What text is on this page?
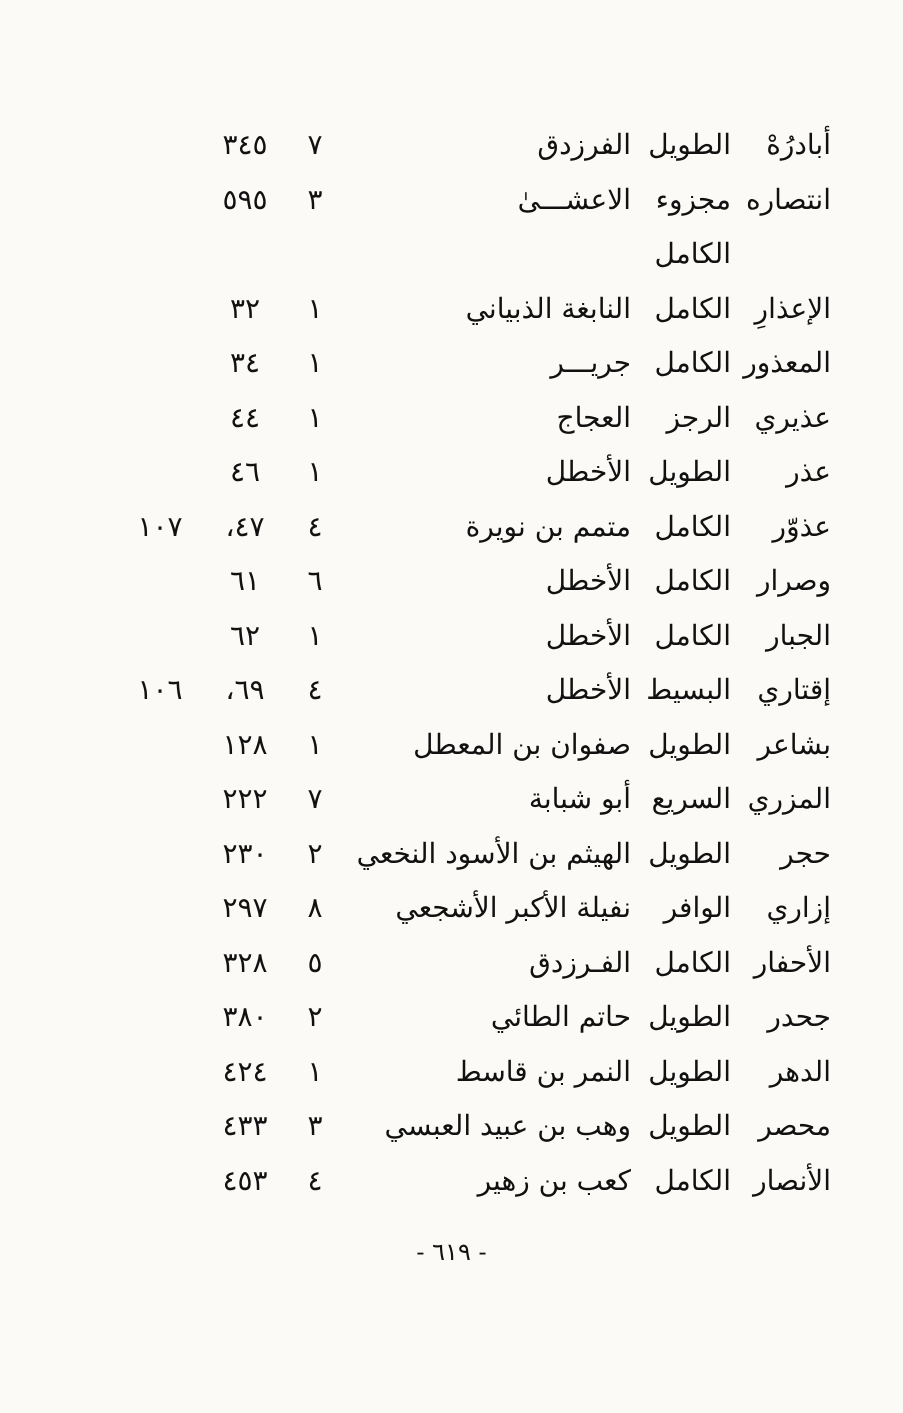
أبادرُهْ
الطويل
الفرزدق
٧
٣٤٥
انتصاره
مجزوء
الاعشـــىٰ
٣
٥٩٥
الكامل
الإعذارِ
الكامل
النابغة الذبياني
١
٣٢
المعذور
الكامل
جريـــر
١
٣٤
عذيري
الرجز
العجاج
١
٤٤
عذر
الطويل
الأخطل
١
٤٦
عذوّر
الكامل
متمم بن نويرة
٤
٤٧،
١٠٧
وصرار
الكامل
الأخطل
٦
٦١
الجبار
الكامل
الأخطل
١
٦٢
إقتاري
البسيط
الأخطل
٤
٦٩،
١٠٦
بشاعر
الطويل
صفوان بن المعطل
١
١٢٨
المزري
السريع
أبو شبابة
٧
٢٢٢
حجر
الطويل
الهيثم بن الأسود النخعي
٢
٢٣٠
إزاري
الوافر
نفيلة الأكبر الأشجعي
٨
٢٩٧
الأحفار
الكامل
الفـرزدق
٥
٣٢٨
جحدر
الطويل
حاتم الطائي
٢
٣٨٠
الدهر
الطويل
النمر بن قاسط
١
٤٢٤
محصر
الطويل
وهب بن عبيد العبسي
٣
٤٣٣
الأنصار
الكامل
كعب بن زهير
٤
٤٥٣
- ٦١٩ -
